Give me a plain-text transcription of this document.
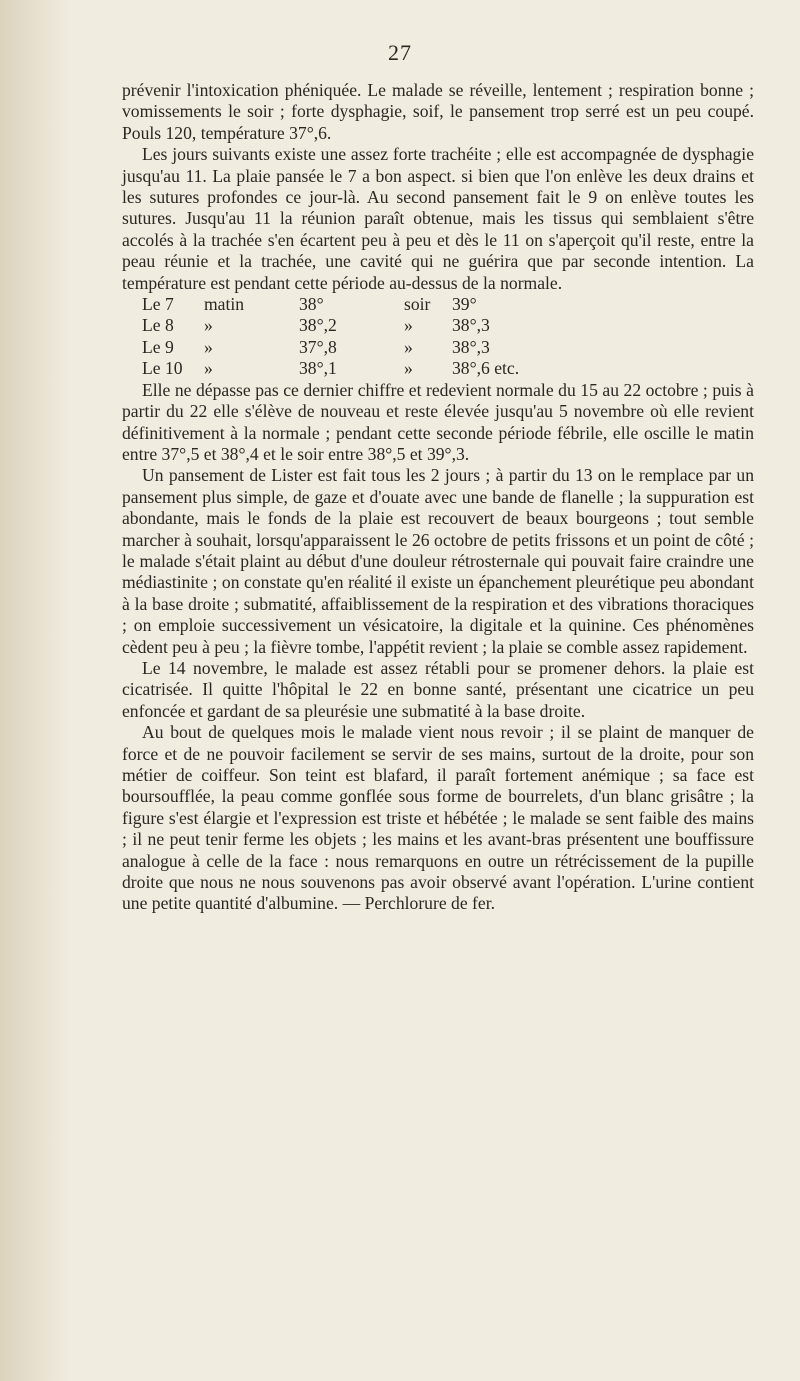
27

prévenir l'intoxication phéniquée. Le malade se réveille, lentement ; respiration bonne ; vomissements le soir ; forte dysphagie, soif, le pansement trop serré est un peu coupé. Pouls 120, température 37°,6.

Les jours suivants existe une assez forte trachéite ; elle est accompagnée de dysphagie jusqu'au 11. La plaie pansée le 7 a bon aspect. si bien que l'on enlève les deux drains et les sutures profondes ce jour-là. Au second pansement fait le 9 on enlève toutes les sutures. Jusqu'au 11 la réunion paraît obtenue, mais les tissus qui semblaient s'être accolés à la trachée s'en écartent peu à peu et dès le 11 on s'aperçoit qu'il reste, entre la peau réunie et la trachée, une cavité qui ne guérira que par seconde intention. La température est pendant cette période au-dessus de la normale.

Le 7	matin	38°	soir	39°
Le 8	»	38°,2	»	38°,3
Le 9	»	37°,8	»	38°,3
Le 10	»	38°,1	»	38°,6 etc.

Elle ne dépasse pas ce dernier chiffre et redevient normale du 15 au 22 octobre ; puis à partir du 22 elle s'élève de nouveau et reste élevée jusqu'au 5 novembre où elle revient définitivement à la normale ; pendant cette seconde période fébrile, elle oscille le matin entre 37°,5 et 38°,4 et le soir entre 38°,5 et 39°,3.

Un pansement de Lister est fait tous les 2 jours ; à partir du 13 on le remplace par un pansement plus simple, de gaze et d'ouate avec une bande de flanelle ; la suppuration est abondante, mais le fonds de la plaie est recouvert de beaux bourgeons ; tout semble marcher à souhait, lorsqu'apparaissent le 26 octobre de petits frissons et un point de côté ; le malade s'était plaint au début d'une douleur rétrosternale qui pouvait faire craindre une médiastinite ; on constate qu'en réalité il existe un épanchement pleurétique peu abondant à la base droite ; submatité, affaiblissement de la respiration et des vibrations thoraciques ; on emploie successivement un vésicatoire, la digitale et la quinine. Ces phénomènes cèdent peu à peu ; la fièvre tombe, l'appétit revient ; la plaie se comble assez rapidement.

Le 14 novembre, le malade est assez rétabli pour se promener dehors. la plaie est cicatrisée. Il quitte l'hôpital le 22 en bonne santé, présentant une cicatrice un peu enfoncée et gardant de sa pleurésie une submatité à la base droite.

Au bout de quelques mois le malade vient nous revoir ; il se plaint de manquer de force et de ne pouvoir facilement se servir de ses mains, surtout de la droite, pour son métier de coiffeur. Son teint est blafard, il paraît fortement anémique ; sa face est boursoufflée, la peau comme gonflée sous forme de bourrelets, d'un blanc grisâtre ; la figure s'est élargie et l'expression est triste et hébétée ; le malade se sent faible des mains ; il ne peut tenir ferme les objets ; les mains et les avant-bras présentent une bouffissure analogue à celle de la face : nous remarquons en outre un rétrécissement de la pupille droite que nous ne nous souvenons pas avoir observé avant l'opération. L'urine contient une petite quantité d'albumine. — Perchlorure de fer.
